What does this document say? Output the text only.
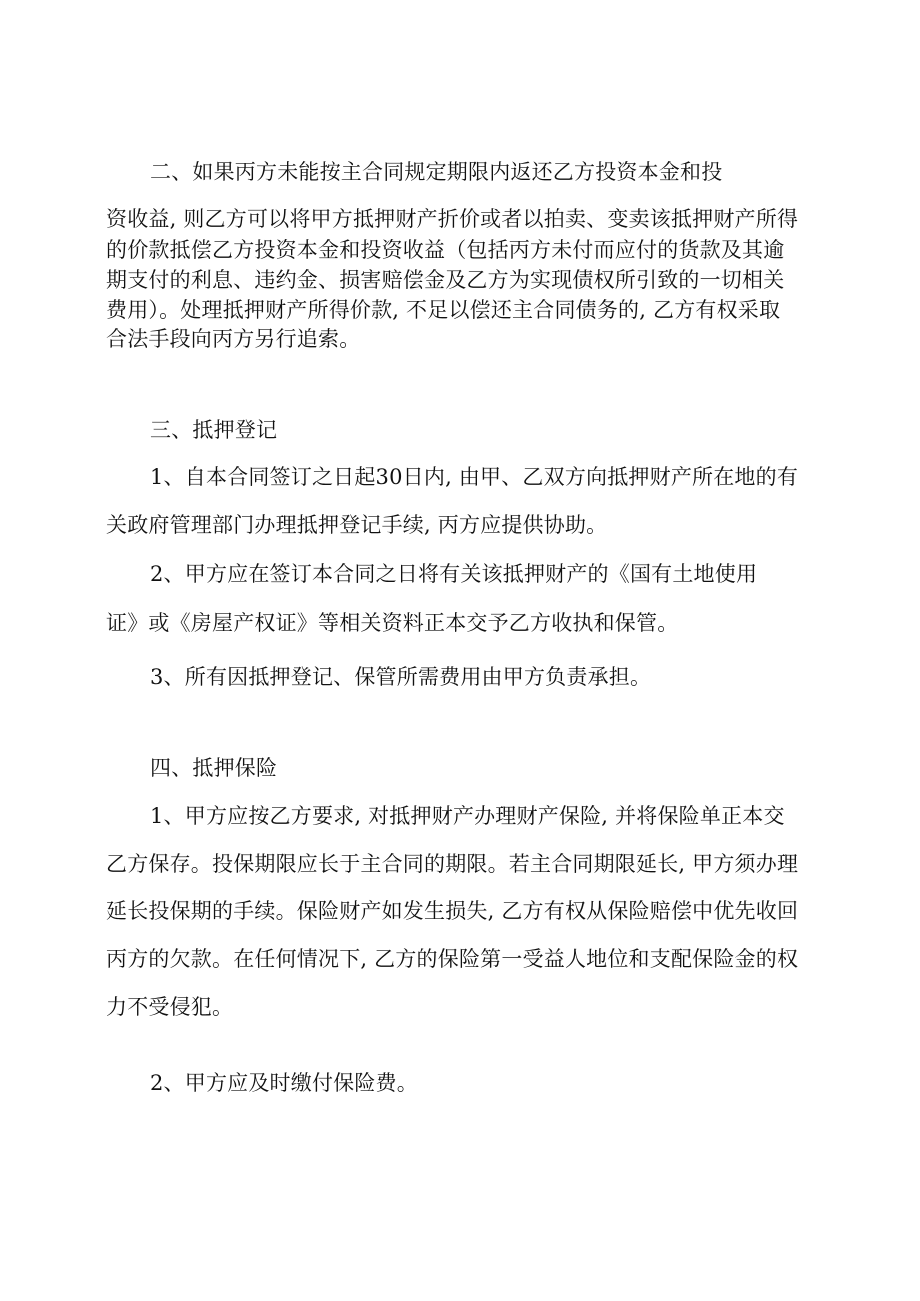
二、如果丙方未能按主合同规定期限内返还乙方投资本金和投
资收益, 则乙方可以将甲方抵押财产折价或者以拍卖、变卖该抵押财产所得
的价款抵偿乙方投资本金和投资收益（包括丙方未付而应付的货款及其逾
期支付的利息、违约金、损害赔偿金及乙方为实现债权所引致的一切相关
费用）。处理抵押财产所得价款, 不足以偿还主合同债务的, 乙方有权采取
合法手段向丙方另行追索。
三、抵押登记
1、自本合同签订之日起30日内, 由甲、乙双方向抵押财产所在地的有
关政府管理部门办理抵押登记手续, 丙方应提供协助。
2、甲方应在签订本合同之日将有关该抵押财产的《国有土地使用
证》或《房屋产权证》等相关资料正本交予乙方收执和保管。
3、所有因抵押登记、保管所需费用由甲方负责承担。
四、抵押保险
1、甲方应按乙方要求, 对抵押财产办理财产保险, 并将保险单正本交
乙方保存。投保期限应长于主合同的期限。若主合同期限延长, 甲方须办理
延长投保期的手续。保险财产如发生损失, 乙方有权从保险赔偿中优先收回
丙方的欠款。在任何情况下, 乙方的保险第一受益人地位和支配保险金的权
力不受侵犯。
2、甲方应及时缴付保险费。
